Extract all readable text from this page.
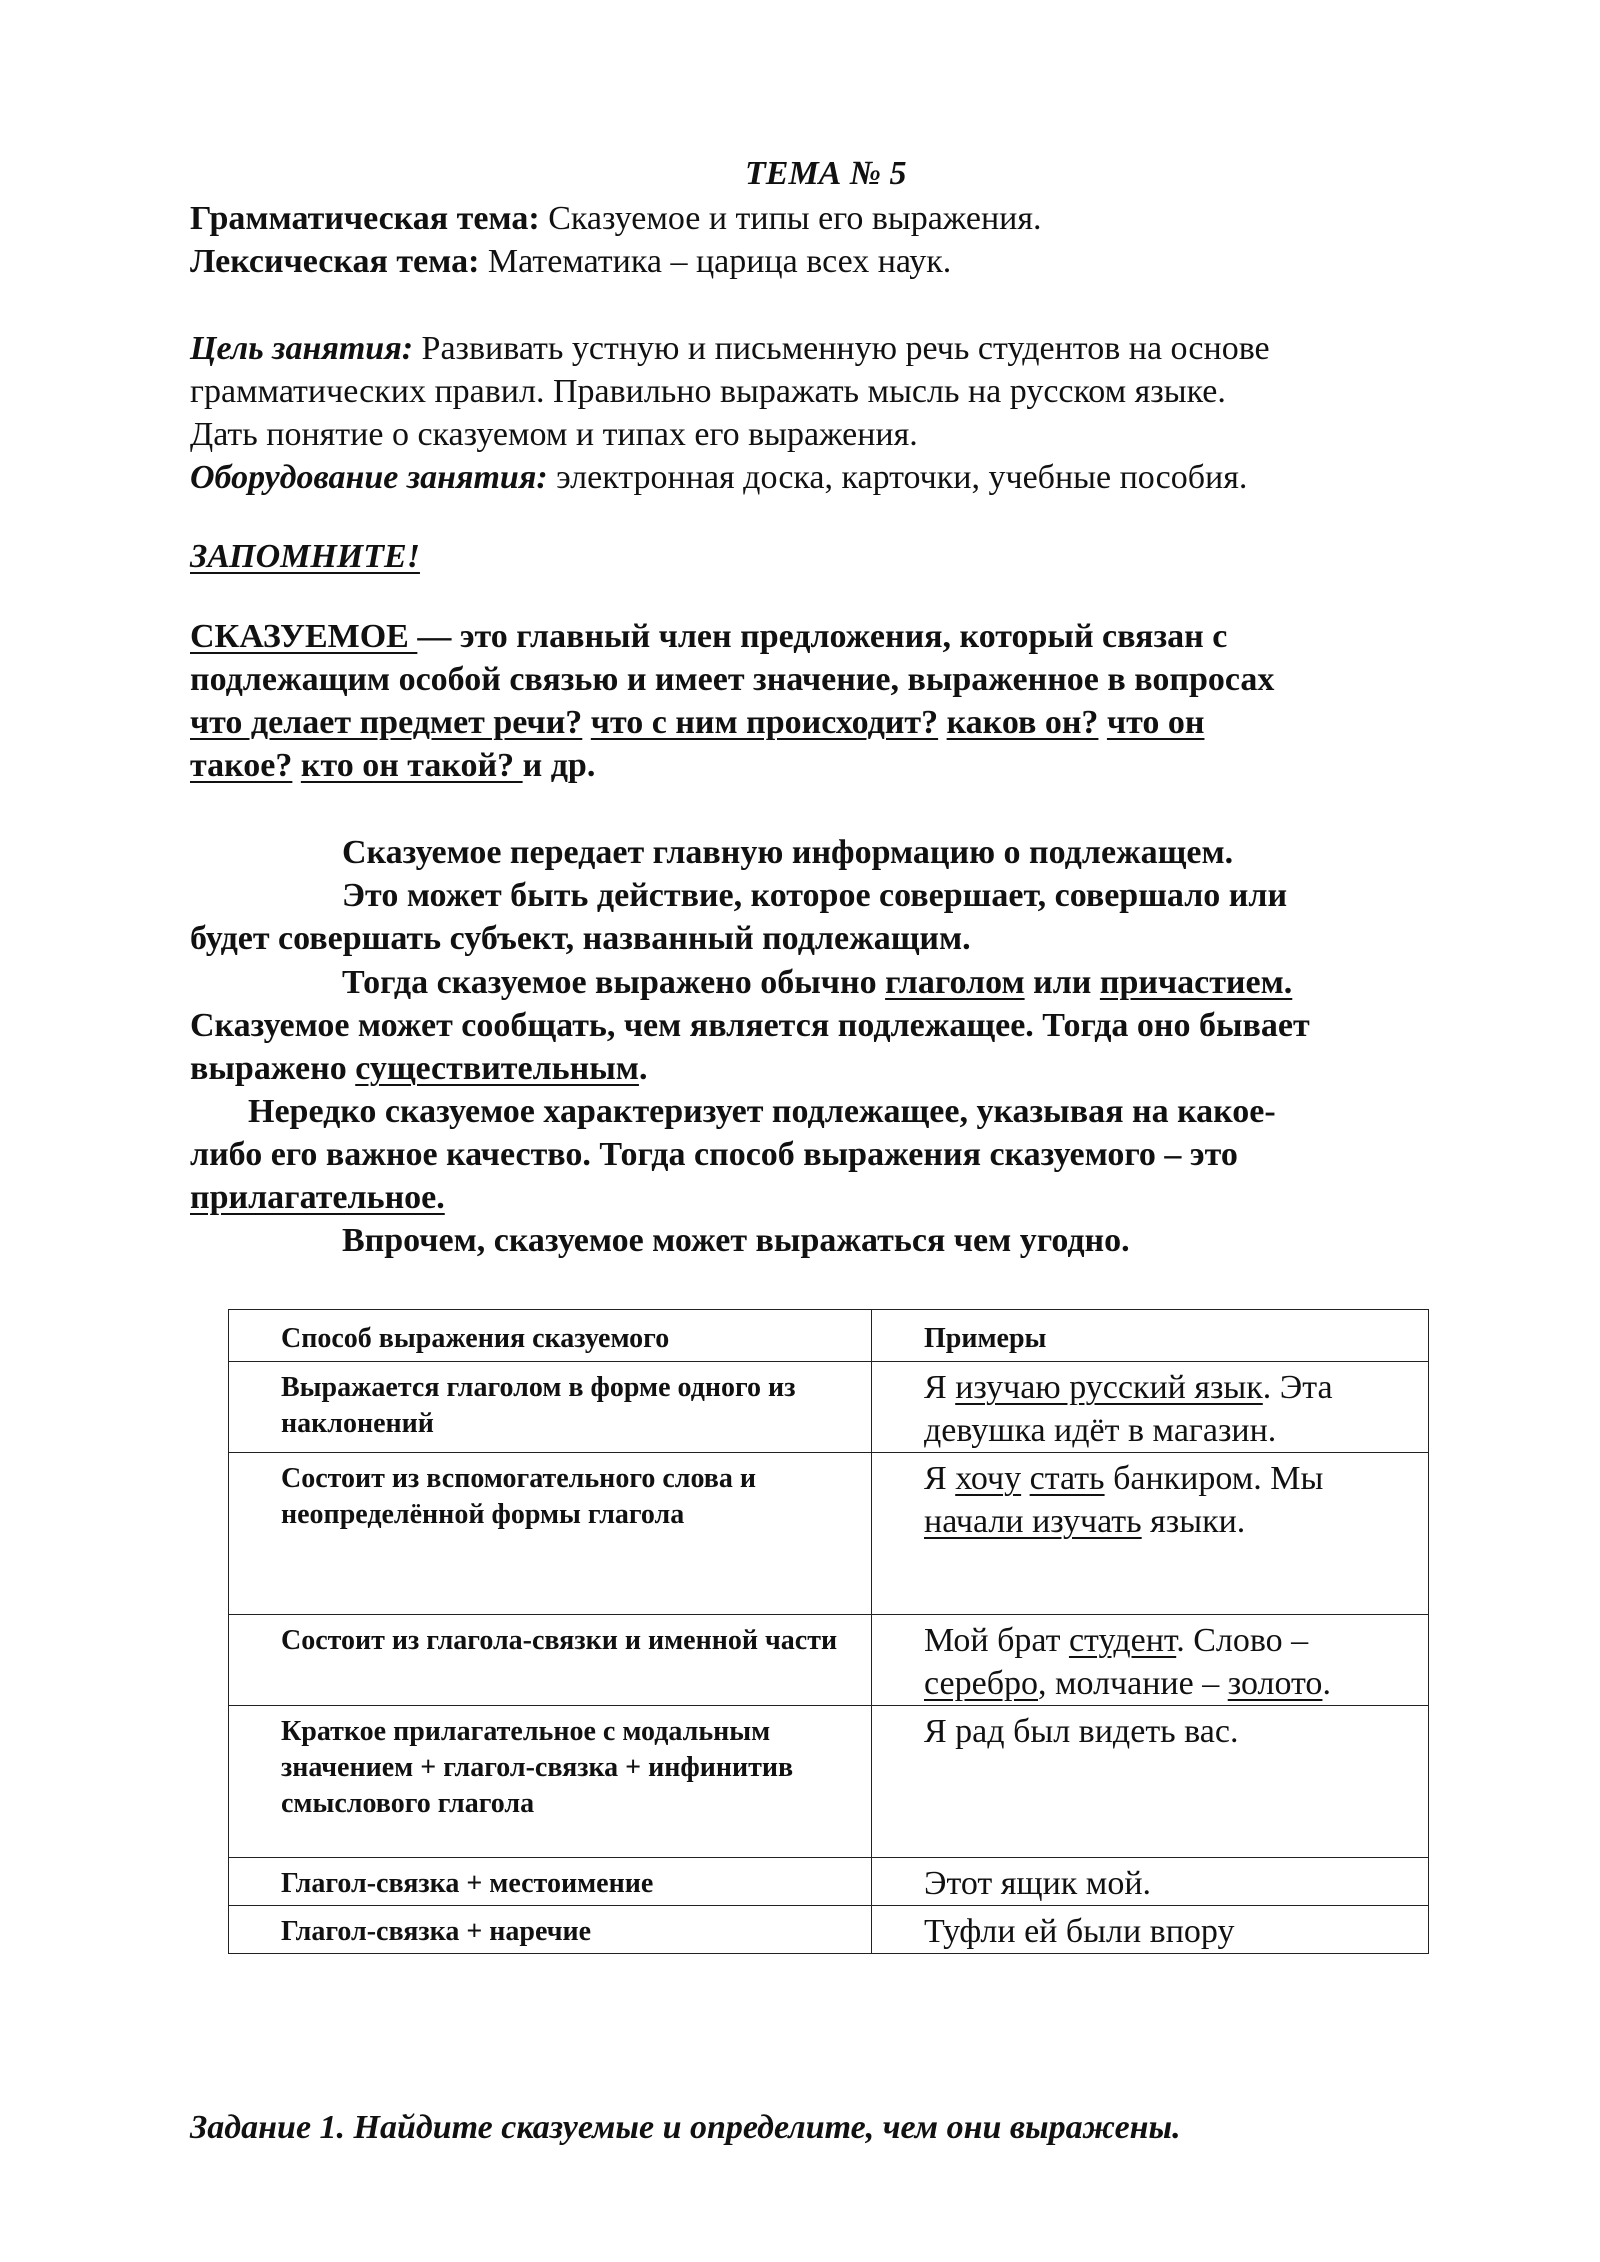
ТЕМА № 5
Грамматическая тема: Сказуемое и типы его выражения.
Лексическая тема: Математика – царица всех наук.
Цель занятия: Развивать устную и письменную речь студентов на основе
грамматических правил. Правильно выражать мысль на русском языке.
Дать понятие о сказуемом и типах его выражения.
Оборудование занятия: электронная доска, карточки, учебные пособия.
ЗАПОМНИТЕ!
СКАЗУЕМОЕ — это главный член предложения, который связан с
подлежащим особой связью и имеет значение, выраженное в вопросах
что делает предмет речи? что с ним происходит? каков он? что он
такое? кто он такой? и др.
Сказуемое передает главную информацию о подлежащем.
Это может быть действие, которое совершает, совершало или
будет совершать субъект, названный подлежащим.
Тогда сказуемое выражено обычно глаголом или причастием.
Сказуемое может сообщать, чем является подлежащее. Тогда оно бывает
выражено существительным.
Нередко сказуемое характеризует подлежащее, указывая на какое-
либо его важное качество. Тогда способ выражения сказуемого – это
прилагательное.
Впрочем, сказуемое может выражаться чем угодно.
Способ выражения сказуемого	Примеры
Выражается глаголом в форме одного из наклонений	Я изучаю русский язык. Эта девушка идёт в магазин.
Состоит из вспомогательного слова и неопределённой формы глагола	Я хочу стать банкиром. Мы начали изучать языки.
Состоит из глагола-связки и именной части	Мой брат студент. Слово – серебро, молчание – золото.
Краткое прилагательное с модальным значением + глагол-связка + инфинитив смыслового глагола	Я рад был видеть вас.
Глагол-связка + местоимение	Этот ящик мой.
Глагол-связка + наречие	Туфли ей были впору
Задание 1. Найдите сказуемые и определите, чем они выражены.
